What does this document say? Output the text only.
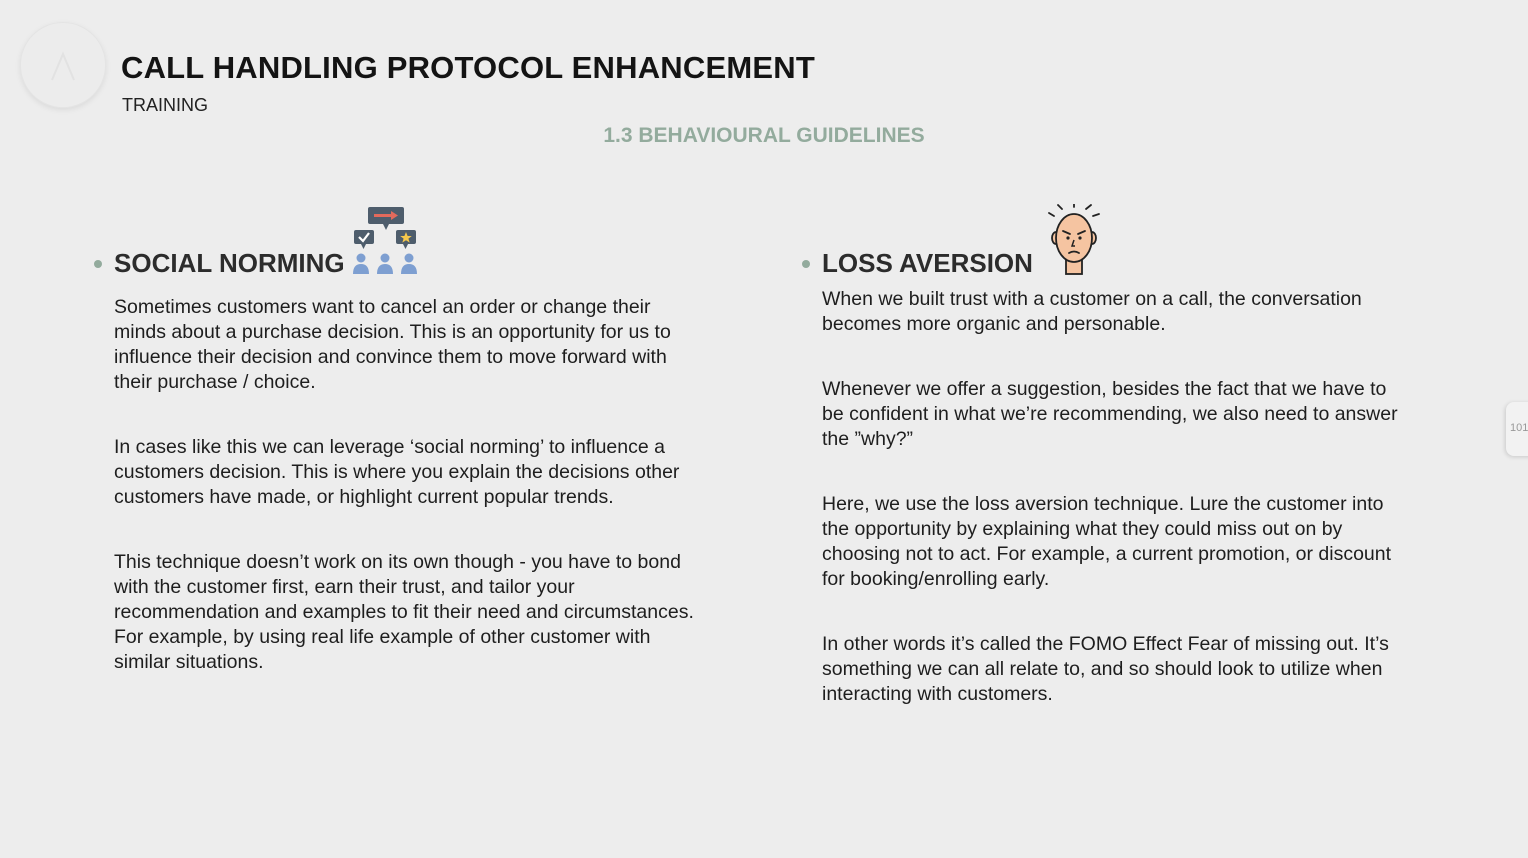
CALL HANDLING PROTOCOL ENHANCEMENT
TRAINING
1.3 BEHAVIOURAL GUIDELINES
SOCIAL NORMING

Sometimes customers want to cancel an order or change their minds about a purchase decision. This is an opportunity for us to influence their decision and convince them to move forward with their purchase / choice.

In cases like this we can leverage ‘social norming’ to influence a customers decision. This is where you explain the decisions other customers have made, or highlight current popular trends.

This technique doesn’t work on its own though - you have to bond with the customer first, earn their trust, and tailor your recommendation and examples to fit their need and circumstances. For example, by using real life example of other customer with similar situations.

LOSS AVERSION

When we built trust with a customer on a call, the conversation becomes more organic and personable.

Whenever we offer a suggestion, besides the fact that we have to be confident in what we’re recommending, we also need to answer the ”why?”

Here, we use the loss aversion technique. Lure the customer into the opportunity by explaining what they could miss out on by choosing not to act. For example, a current promotion, or discount for booking/enrolling early.

In other words it’s called the FOMO Effect Fear of missing out. It’s something we can all relate to, and so should look to utilize when interacting with customers.

101
